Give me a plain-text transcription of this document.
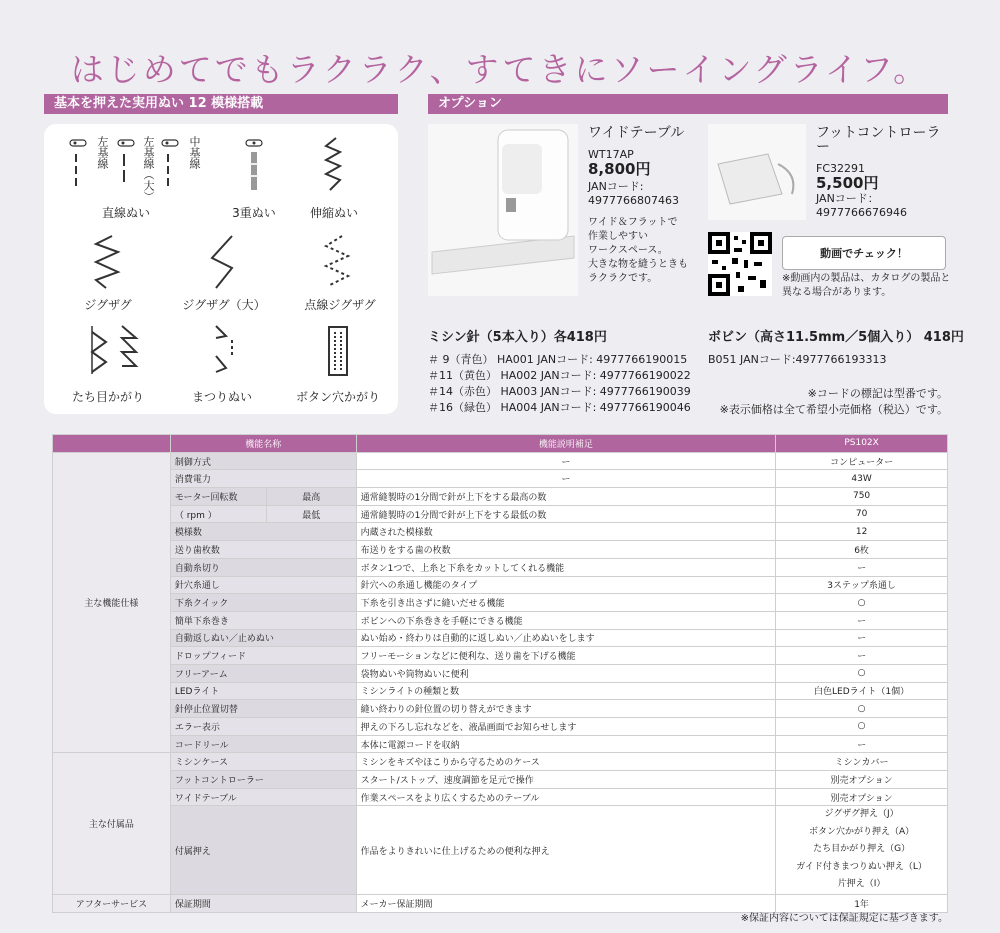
はじめてでもラクラク、すてきにソーイングライフ。
基本を押えた実用ぬい 12 模様搭載
左基線	左基線（大）	中基線
直線ぬい	3重ぬい	伸縮ぬい
ジグザグ	ジグザグ（大）	点線ジグザグ
たち目かがり	まつりぬい	ボタン穴かがり
オプション
ワイドテーブル
WT17AP
8,800円
JANコード:
4977766807463
ワイド＆フラットで
作業しやすい
ワークスペース。
大きな物を縫うときも
ラクラクです。
フットコントローラー
FC32291
5,500円
JANコード：
4977766676946
動画でチェック！
※動画内の製品は、カタログの製品と
異なる場合があります。
ミシン針（5本入り）各418円
＃ 9（青色） HA001 JANコード: 4977766190015
＃11（黄色） HA002 JANコード: 4977766190022
＃14（赤色） HA003 JANコード: 4977766190039
＃16（緑色） HA004 JANコード: 4977766190046
ボビン（高さ11.5mm／5個入り） 418円
B051 JANコード:4977766193313
※コードの標記は型番です。
※表示価格は全て希望小売価格（税込）です。
	機能名称		機能説明補足	PS102X
主な機能仕様	制御方式		ー	コンピューター
	消費電力		ー	43W
	モーター回転数	最高	通常縫製時の1分間で針が上下をする最高の数	750
	（ rpm ）	最低	通常縫製時の1分間で針が上下をする最低の数	70
	模様数		内蔵された模様数	12
	送り歯枚数		布送りをする歯の枚数	6枚
	自動糸切り		ボタン1つで、上糸と下糸をカットしてくれる機能	ー
	針穴糸通し		針穴への糸通し機能のタイプ	3ステップ糸通し
	下糸クイック		下糸を引き出さずに縫いだせる機能	○
	簡単下糸巻き		ボビンへの下糸巻きを手軽にできる機能	ー
	自動返しぬい／止めぬい		ぬい始め・終わりは自動的に返しぬい／止めぬいをします	ー
	ドロップフィード		フリーモーションなどに便利な、送り歯を下げる機能	ー
	フリーアーム		袋物ぬいや筒物ぬいに便利	○
	LEDライト		ミシンライトの種類と数	白色LEDライト（1個）
	針停止位置切替		縫い終わりの針位置の切り替えができます	○
	エラー表示		押えの下ろし忘れなどを、液晶画面でお知らせします	○
	コードリール		本体に電源コードを収納	ー
主な付属品	ミシンケース		ミシンをキズやほこりから守るためのケース	ミシンカバー
	フットコントローラー		スタート/ストップ、速度調節を足元で操作	別売オプション
	ワイドテーブル		作業スペースをより広くするためのテーブル	別売オプション
	付属押え		作品をよりきれいに仕上げるための便利な押え	ジグザグ押え（J）
ボタン穴かがり押え（A）
たち目かがり押え（G）
ガイド付きまつりぬい押え（L）
片押え（I）

アフターサービス	保証期間		メーカー保証期間	1年
※保証内容については保証規定に基づきます。
